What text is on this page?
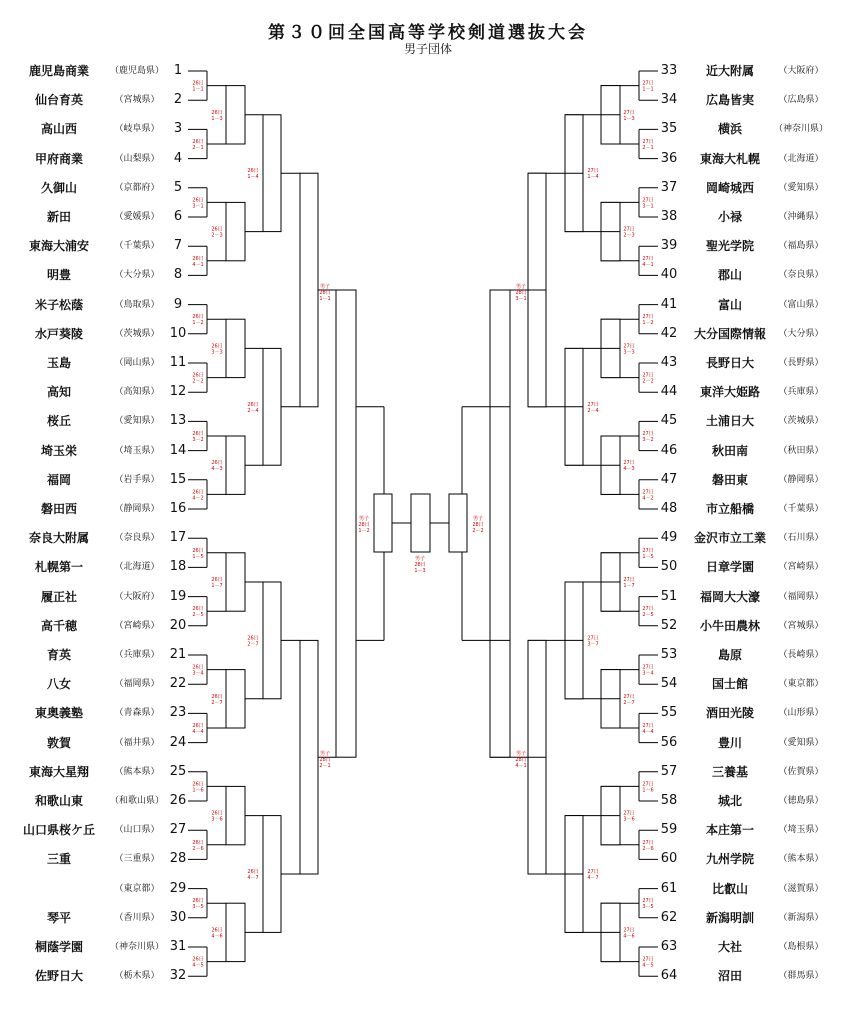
第３０回全国高等学校剣道選抜大会
男子団体
鹿児島商業	（鹿児島県） 1
仙台育英	（宮城県）	2
高山西	（岐阜県）	3
甲府商業	（山梨県）	4
久御山	（京都府）	5
新田	（愛媛県）	6
東海大浦安	（千葉県）	7
明豊	（大分県）	8
米子松蔭	（鳥取県）	9
水戸葵陵	（茨城県） 10
玉島	（岡山県） 11
高知	（高知県） 12
桜丘	（愛知県） 13
埼玉栄	（埼玉県） 14
福岡	（岩手県） 15
磐田西	（静岡県） 16
奈良大附属	（奈良県） 17
札幌第一	（北海道） 18
履正社	（大阪府） 19
高千穂	（宮崎県） 20
育英	（兵庫県） 21
八女	（福岡県） 22
東奥義塾	（青森県） 23
敦賀	（福井県） 24
東海大星翔	（熊本県） 25
和歌山東	（和歌山県） 26
山口県桜ケ丘	（山口県） 27
三重	（三重県） 28
（東京都） 29
琴平	（香川県） 30
桐蔭学園	（神奈川県） 31
佐野日大	（栃木県） 32
33	近大附属	（大阪府）
34	広島皆実	（広島県）
35	横浜	（神奈川県）
36	東海大札幌	（北海道）
37	岡崎城西	（愛知県）
38	小禄	（沖縄県）
39	聖光学院	（福島県）
40	郡山	（奈良県）
41	富山	（富山県）
42	大分国際情報	（大分県）
43	長野日大	（長野県）
44	東洋大姫路	（兵庫県）
45	土浦日大	（茨城県）
46	秋田南	（秋田県）
47	磐田東	（静岡県）
48	市立船橋	（千葉県）
49	金沢市立工業	（石川県）
50	日章学園	（宮崎県）
51	福岡大大濠	（福岡県）
52	小牛田農林	（宮城県）
53	島原	（長崎県）
54	国士館	（東京都）
55	酒田光陵	（山形県）
56	豊川	（愛知県）
57	三養基	（佐賀県）
58	城北	（徳島県）
59	本庄第一	（埼玉県）
60	九州学院	（熊本県）
61	比叡山	（滋賀県）
62	新潟明訓	（新潟県）
63	大社	（島根県）
64	沼田	（群馬県）
26日 1－1
26日 2－1
26日 3－1
26日 4－1
26日 1－2
26日 2－2
26日 3－2
26日 4－2
26日 1－5
26日 2－5
26日 3－4
26日 4－4
26日 1－6
26日 2－6
26日 3－5
26日 4－5
26日 1－3
26日 2－3
26日 3－3
26日 4－3
26日 1－7
26日 2－7
26日 3－6
26日 4－6
26日 1－4
26日 2－4
26日 2－7
26日 4－7
男子 28日 1－1
男子 28日 2－1
27日 1－1
27日 2－1
27日 3－1
27日 4－1
27日 1－2
27日 2－2
27日 3－2
27日 4－2
27日 1－5
27日 2－5
27日 3－4
27日 4－4
27日 1－6
27日 2－6
27日 3－5
27日 4－5
27日 1－3
27日 2－3
27日 3－3
27日 4－3
27日 1－7
27日 2－7
27日 3－6
27日 4－6
27日 1－4
27日 2－4
27日 3－7
27日 4－7
男子 28日 3－1
男子 28日 4－1
男子 28日 1－2
男子 28日 2－2
男子 28日 1－3
